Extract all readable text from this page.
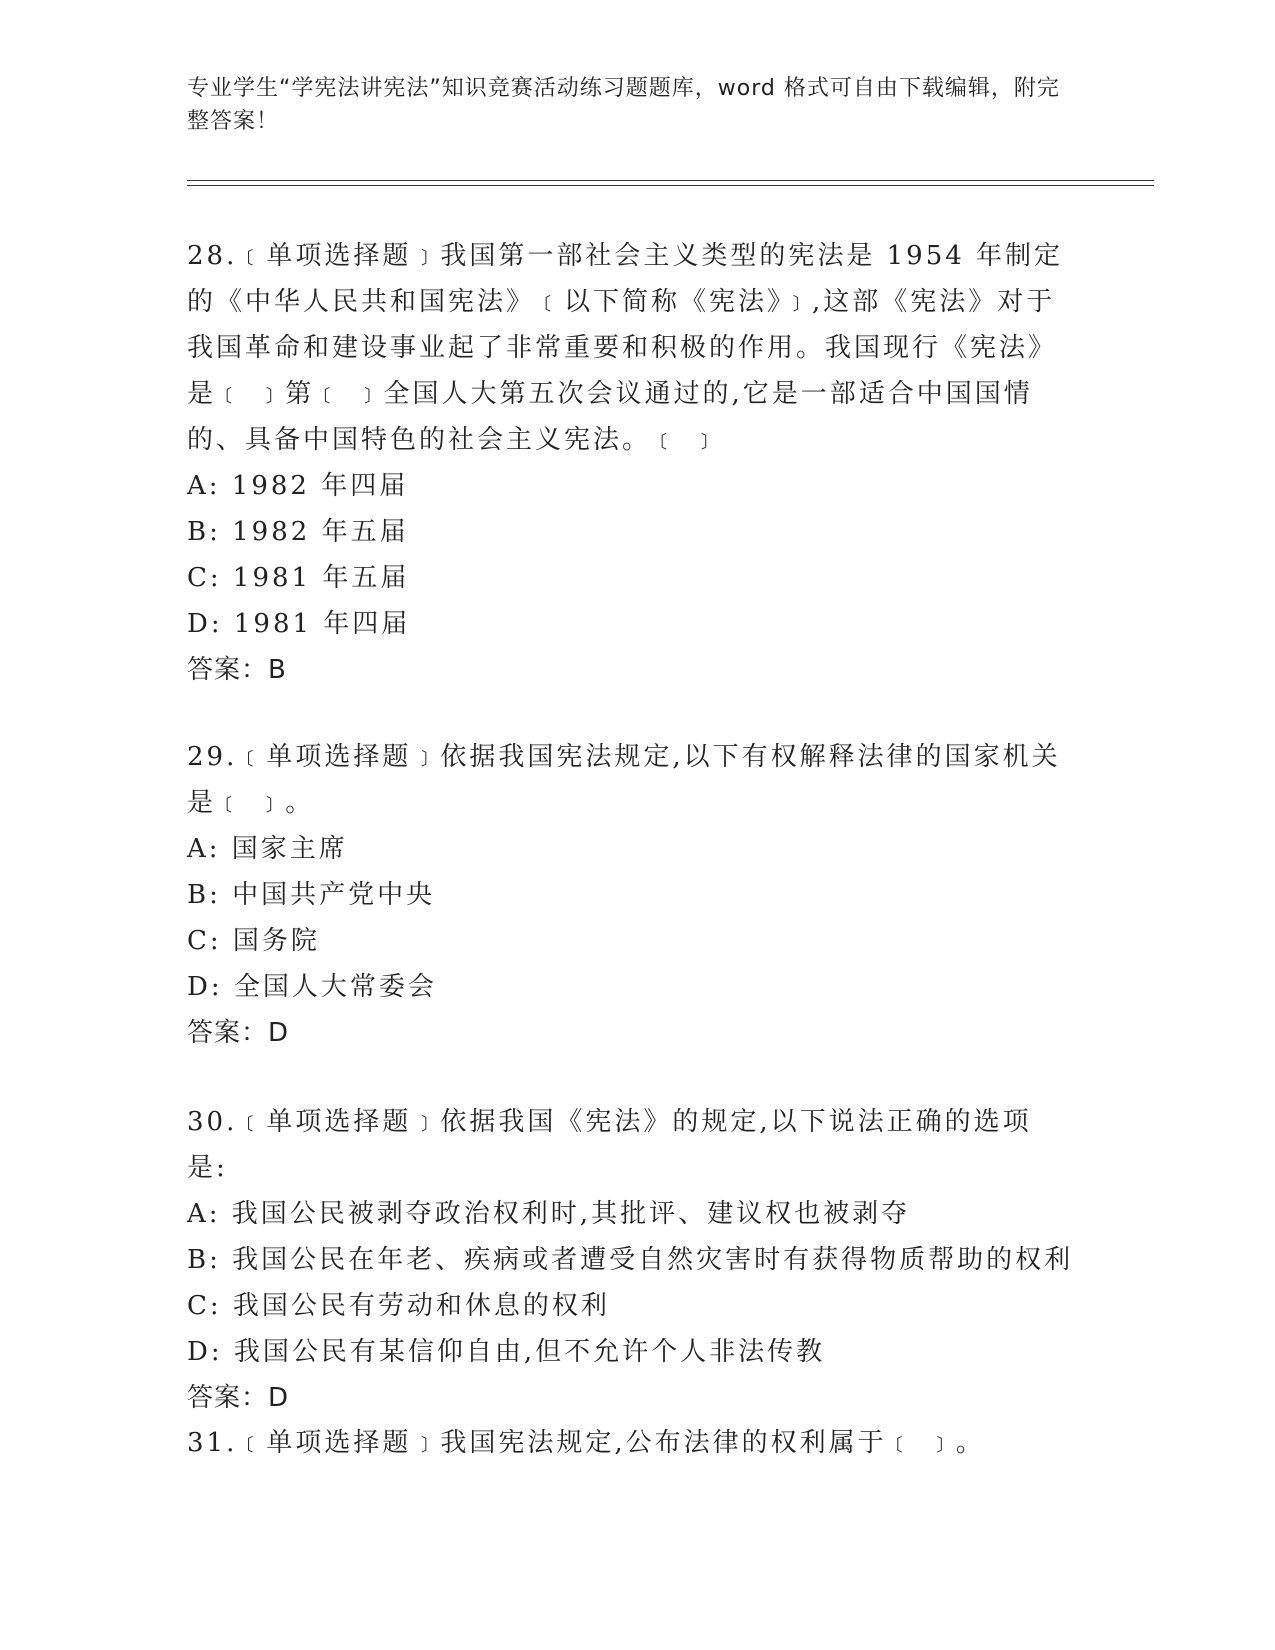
专业学生“学宪法讲宪法”知识竞赛活动练习题题库，word 格式可自由下载编辑，附完整答案！

28.﹝单项选择题﹞我国第一部社会主义类型的宪法是 1954 年制定的《中华人民共和国宪法》﹝以下简称《宪法》﹞,这部《宪法》对于我国革命和建设事业起了非常重要和积极的作用。我国现行《宪法》是﹝ ﹞第﹝ ﹞全国人大第五次会议通过的,它是一部适合中国国情的、具备中国特色的社会主义宪法。﹝ ﹞

A: 1982 年四届

B: 1982 年五届

C: 1981 年五届

D: 1981 年四届

答案：B

29.﹝单项选择题﹞依据我国宪法规定,以下有权解释法律的国家机关是﹝ ﹞。

A: 国家主席

B: 中国共产党中央

C: 国务院

D: 全国人大常委会

答案：D

30.﹝单项选择题﹞依据我国《宪法》的规定,以下说法正确的选项是:

A: 我国公民被剥夺政治权利时,其批评、建议权也被剥夺

B: 我国公民在年老、疾病或者遭受自然灾害时有获得物质帮助的权利

C: 我国公民有劳动和休息的权利

D: 我国公民有某信仰自由,但不允许个人非法传教

答案：D

31.﹝单项选择题﹞我国宪法规定,公布法律的权利属于﹝ ﹞。
